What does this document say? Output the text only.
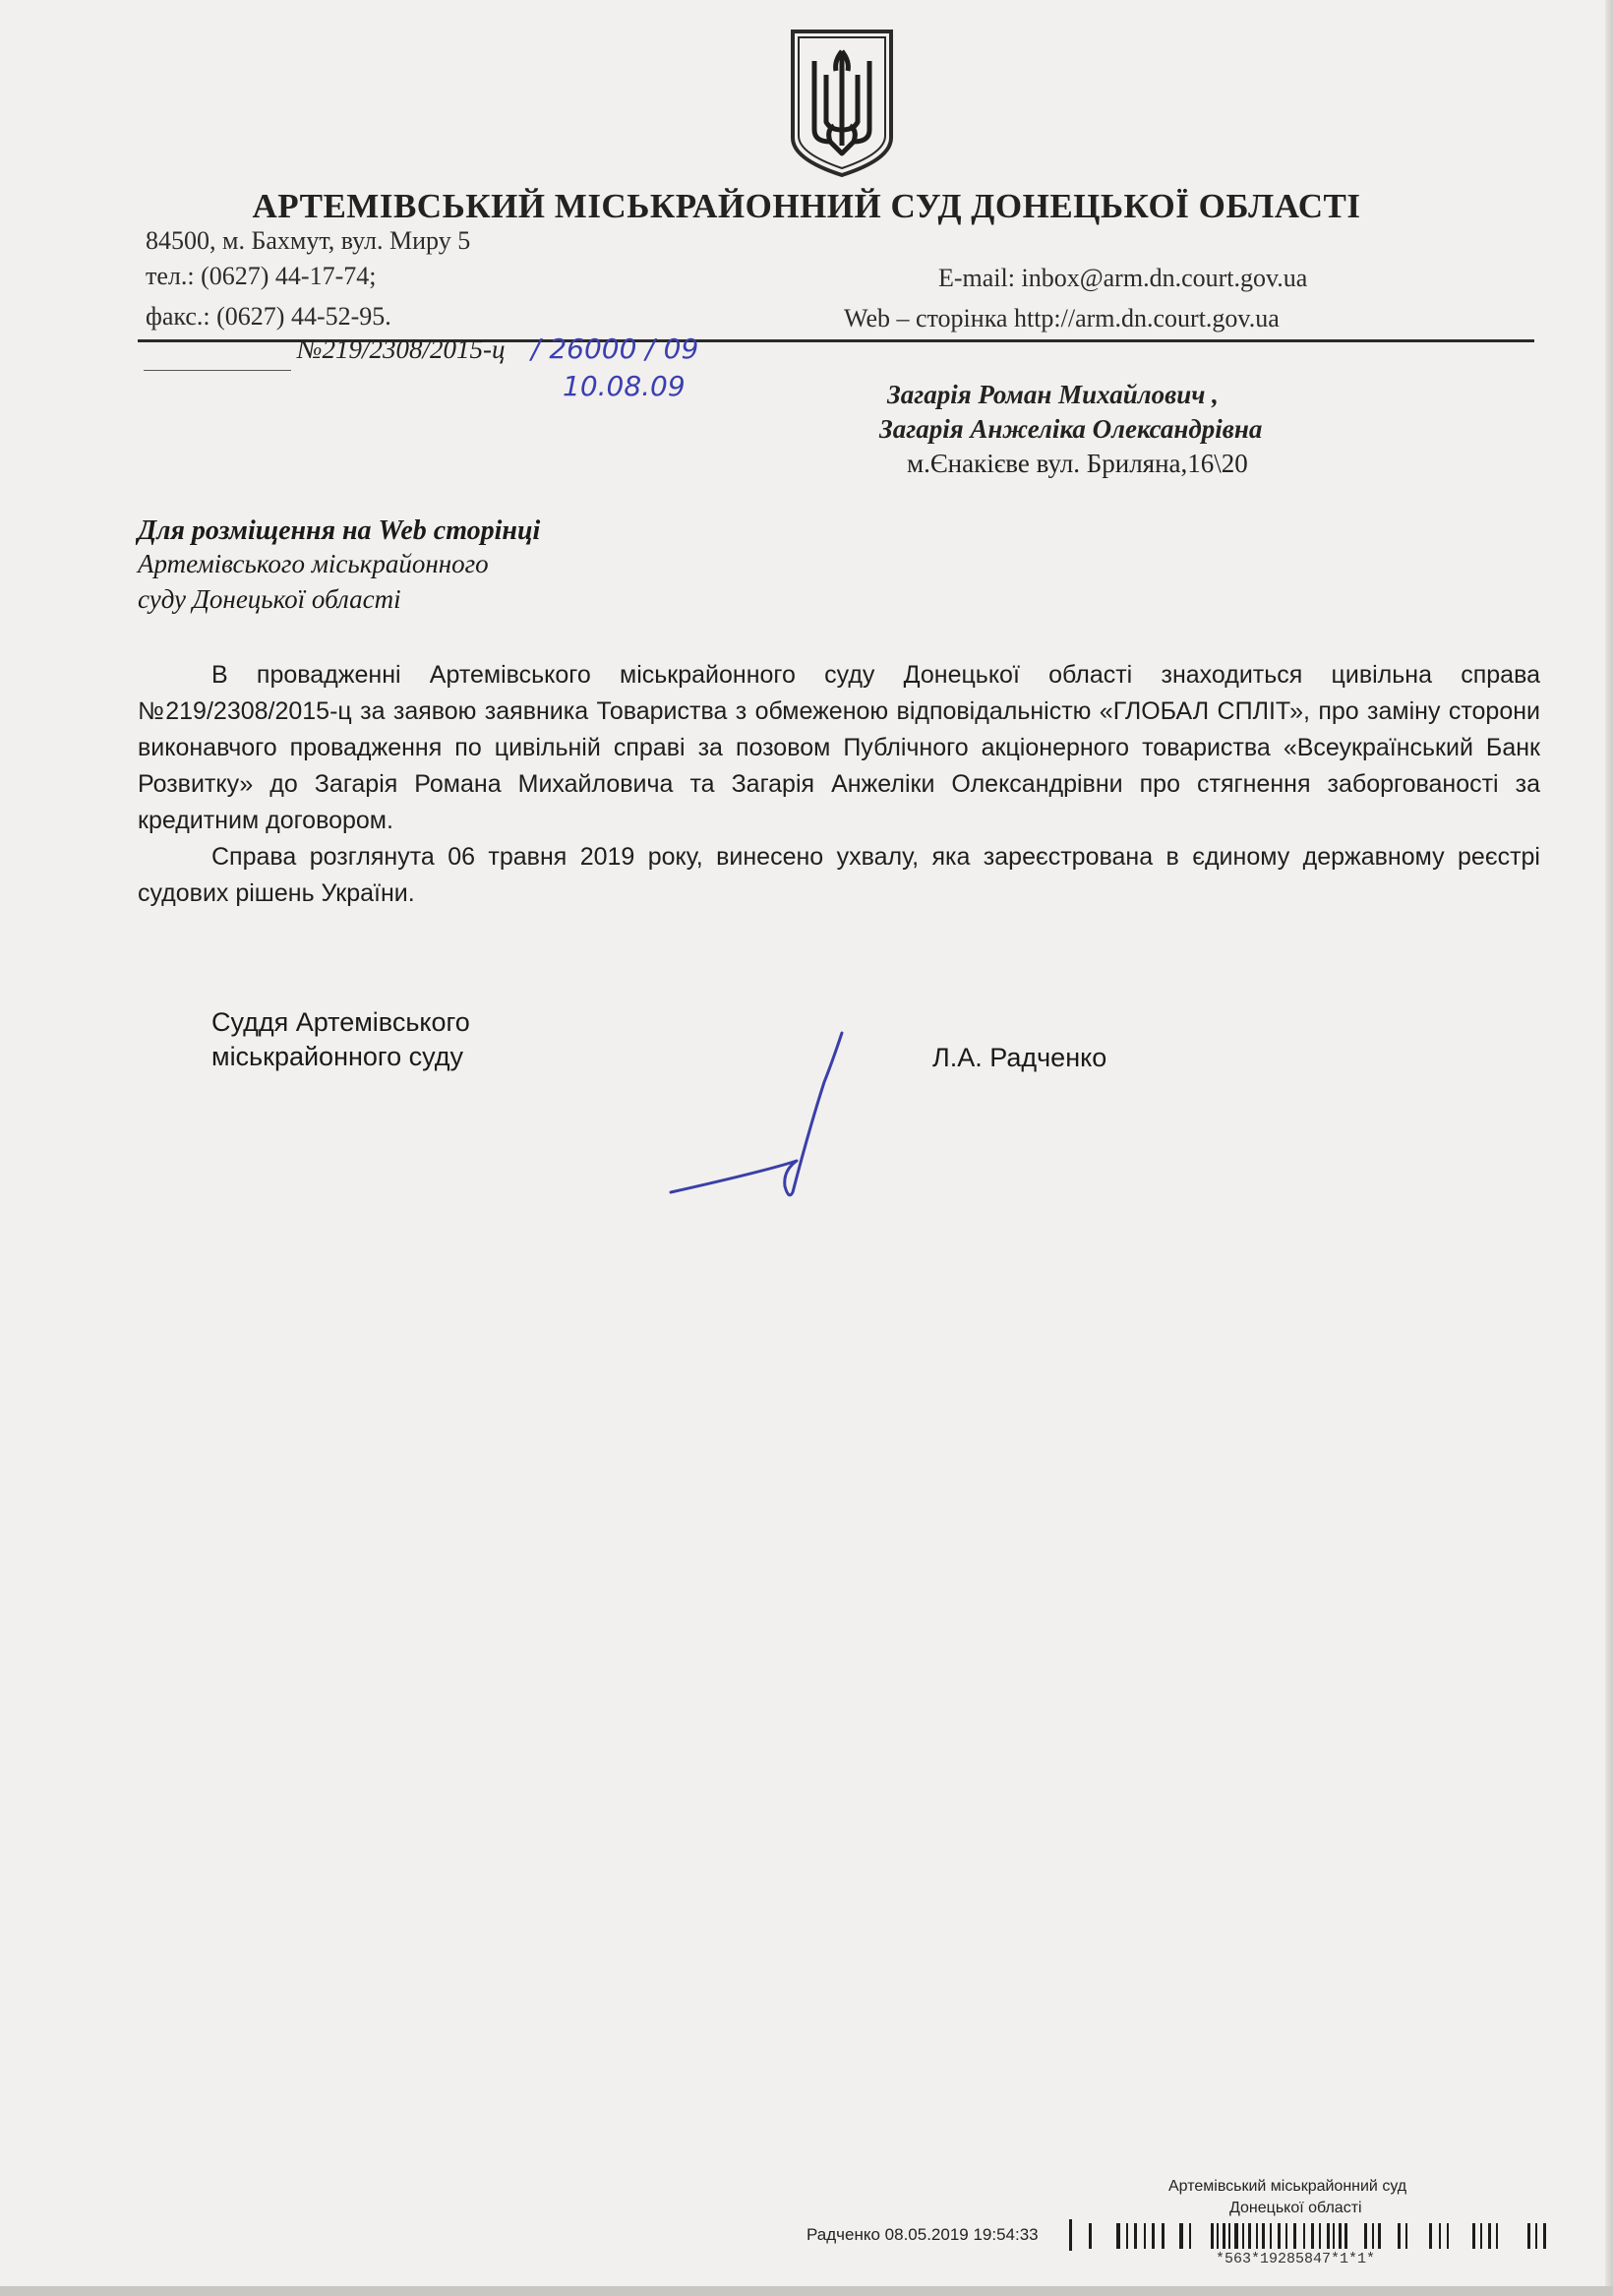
АРТЕМІВСЬКИЙ МІСЬКРАЙОННИЙ СУД ДОНЕЦЬКОЇ ОБЛАСТІ
84500, м. Бахмут, вул. Миру 5
тел.: (0627) 44-17-74;
факс.: (0627) 44-52-95.
E-mail: inbox@arm.dn.court.gov.ua
Web – сторінка http://arm.dn.court.gov.ua
№219/2308/2015-ц / 26000 / 09
10.08.09	Загарія Роман Михайлович ,
Загарія Анжеліка Олександрівна
м.Єнакієве вул. Бриляна,16\20
Для розміщення на Web сторінці
Артемівського міськрайонного
суду Донецької області

В провадженні Артемівського міськрайонного суду Донецької області знаходиться цивільна справа №219/2308/2015-ц за заявою заявника Товариства з обмеженою відповідальністю «ГЛОБАЛ СПЛІТ», про заміну сторони виконавчого провадження по цивільній справі за позовом Публічного акціонерного товариства «Всеукраїнський Банк Розвитку» до Загарія Романа Михайловича та Загарія Анжеліки Олександрівни про стягнення заборгованості за кредитним договором.

Справа розглянута 06 травня 2019 року, винесено ухвалу, яка зареєстрована в єдиному державному реєстрі судових рішень України.

Суддя Артемівського
міськрайонного суду	Л.А. Радченко
Артемівський міськрайонний суд
Донецької області
Радченко 08.05.2019 19:54:33
*563*19285847*1*1*
